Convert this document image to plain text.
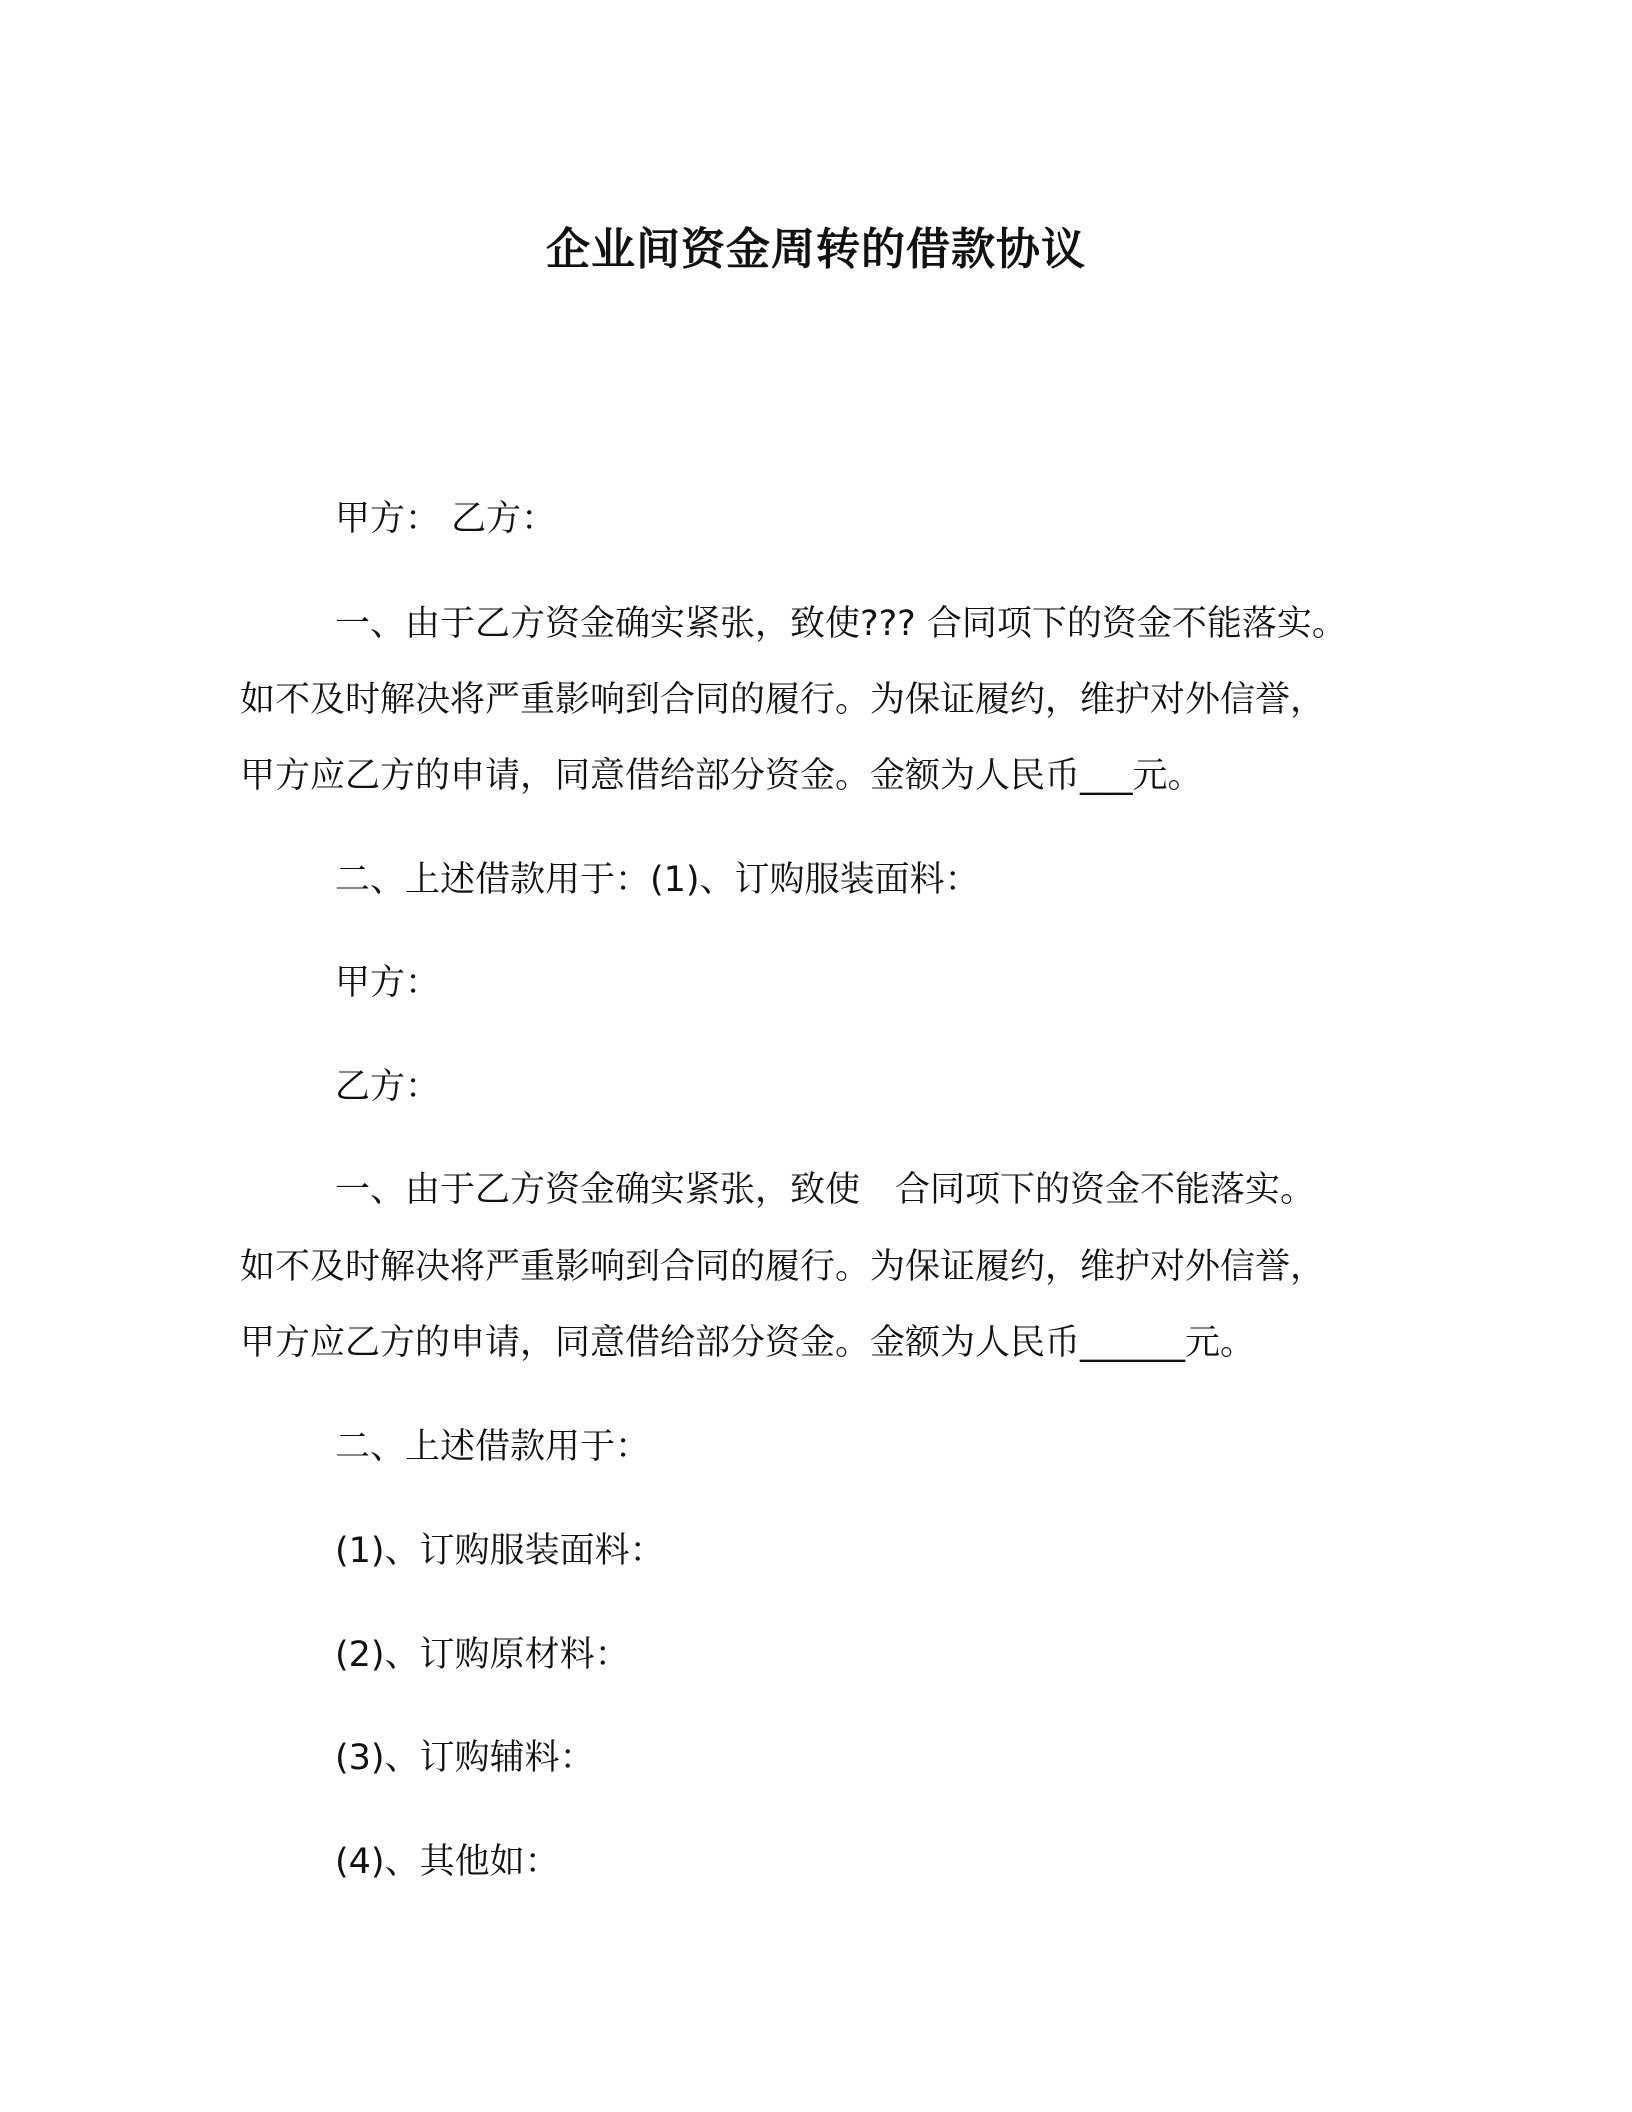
企业间资金周转的借款协议

甲方： 乙方：

一、由于乙方资金确实紧张，致使??? 合同项下的资金不能落实。

如不及时解决将严重影响到合同的履行。为保证履约，维护对外信誉，

甲方应乙方的申请，同意借给部分资金。金额为人民币___元。

二、上述借款用于：(1)、订购服装面料：

甲方：

乙方：

一、由于乙方资金确实紧张，致使　合同项下的资金不能落实。

如不及时解决将严重影响到合同的履行。为保证履约，维护对外信誉，

甲方应乙方的申请，同意借给部分资金。金额为人民币______元。

二、上述借款用于：

(1)、订购服装面料：

(2)、订购原材料：

(3)、订购辅料：

(4)、其他如：
